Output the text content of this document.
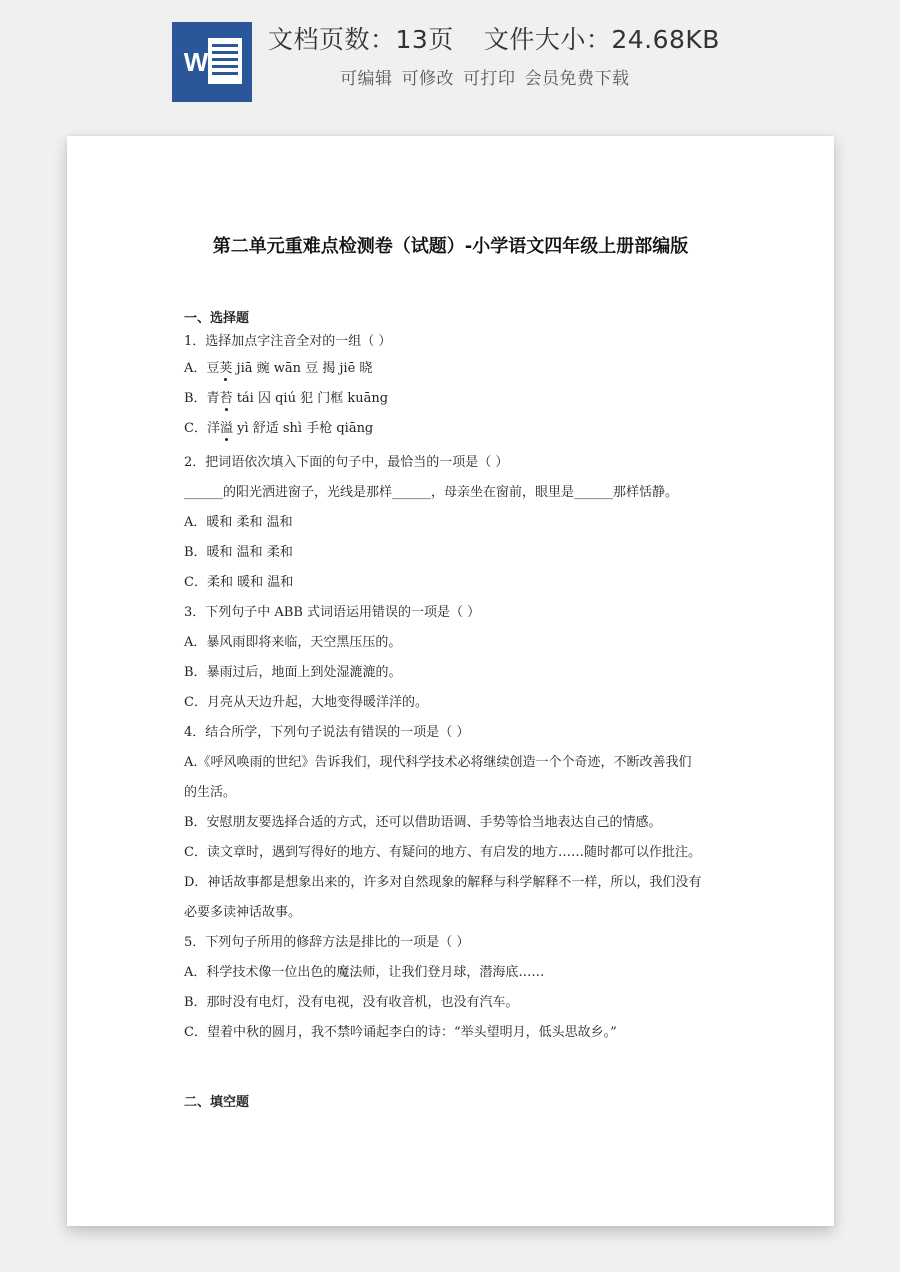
W
文档页数：13页 文件大小：24.68KB
可编辑 可修改 可打印 会员免费下载
第二单元重难点检测卷（试题）-小学语文四年级上册部编版
一、选择题
1．选择加点字注音全对的一组（ ）
A．豆荚 jiā 豌 wān 豆 揭 jiē 晓
B．青苔 tái 囚 qiú 犯 门框 kuāng
C．洋溢 yì 舒适 shì 手枪 qiāng
2．把词语依次填入下面的句子中，最恰当的一项是（ ）
______的阳光洒进窗子，光线是那样______，母亲坐在窗前，眼里是______那样恬静。
A．暖和 柔和 温和
B．暖和 温和 柔和
C．柔和 暖和 温和
3．下列句子中 ABB 式词语运用错误的一项是（ ）
A．暴风雨即将来临，天空黑压压的。
B．暴雨过后，地面上到处湿漉漉的。
C．月亮从天边升起，大地变得暖洋洋的。
4．结合所学，下列句子说法有错误的一项是（ ）
A.《呼风唤雨的世纪》告诉我们，现代科学技术必将继续创造一个个奇迹，不断改善我们
的生活。
B．安慰朋友要选择合适的方式，还可以借助语调、手势等恰当地表达自己的情感。
C．读文章时，遇到写得好的地方、有疑问的地方、有启发的地方……随时都可以作批注。
D．神话故事都是想象出来的，许多对自然现象的解释与科学解释不一样，所以，我们没有
必要多读神话故事。
5．下列句子所用的修辞方法是排比的一项是（ ）
A．科学技术像一位出色的魔法师，让我们登月球，潜海底……
B．那时没有电灯，没有电视，没有收音机，也没有汽车。
C．望着中秋的圆月，我不禁吟诵起李白的诗：“举头望明月，低头思故乡。”
二、填空题
